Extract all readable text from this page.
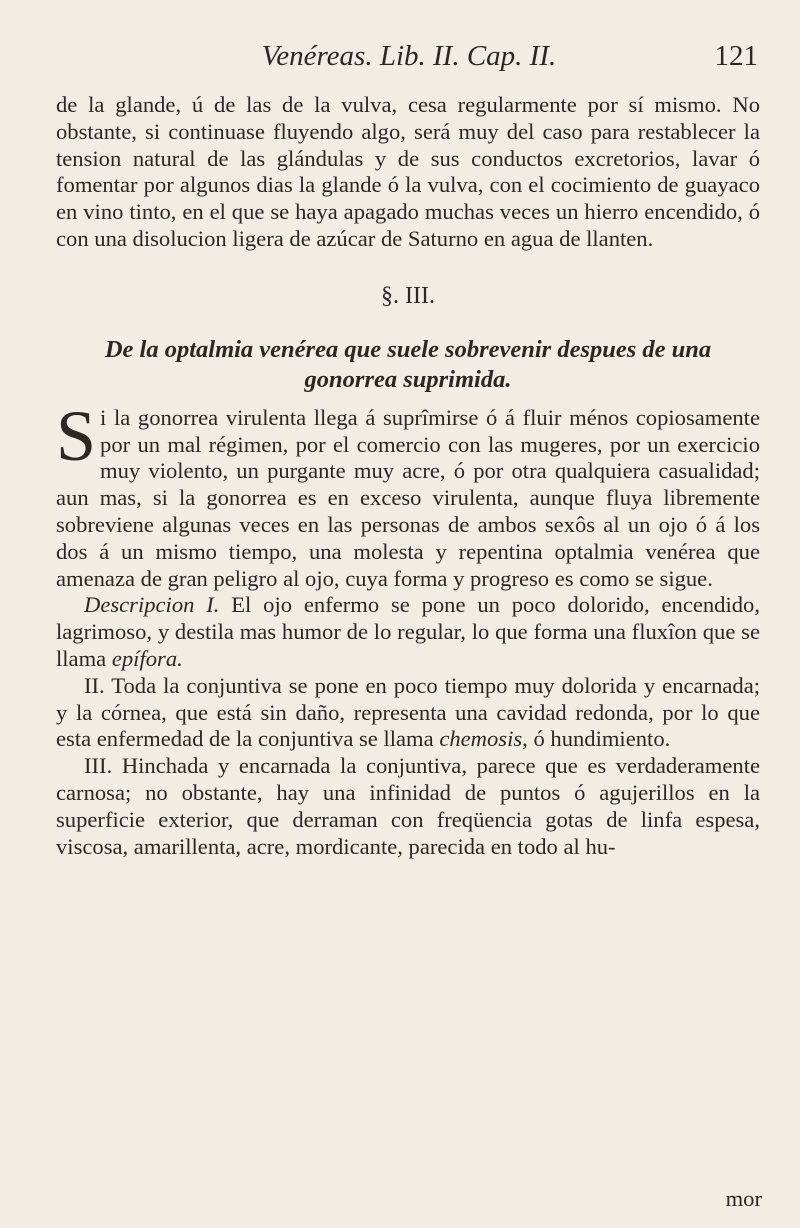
Venéreas. Lib. II. Cap. II.	121

de la glande, ú de las de la vulva, cesa regularmente por sí mismo. No obstante, si continuase fluyendo algo, será muy del caso para restablecer la tension natural de las glándulas y de sus conductos excretorios, lavar ó fomentar por algunos dias la glande ó la vulva, con el cocimiento de guayaco en vino tinto, en el que se haya apagado muchas veces un hierro encendido, ó con una disolucion ligera de azúcar de Saturno en agua de llanten.

§. III.

De la optalmia venérea que suele sobrevenir despues de una gonorrea suprimida.

Si la gonorrea virulenta llega á suprîmirse ó á fluir ménos copiosamente por un mal régimen, por el comercio con las mugeres, por un exercicio muy violento, un purgante muy acre, ó por otra qualquiera casualidad; aun mas, si la gonorrea es en exceso virulenta, aunque fluya libremente sobreviene algunas veces en las personas de ambos sexôs al un ojo ó á los dos á un mismo tiempo, una molesta y repentina optalmia venérea que amenaza de gran peligro al ojo, cuya forma y progreso es como se sigue.

Descripcion I. El ojo enfermo se pone un poco dolorido, encendido, lagrimoso, y destila mas humor de lo regular, lo que forma una fluxîon que se llama epífora.

II. Toda la conjuntiva se pone en poco tiempo muy dolorida y encarnada; y la córnea, que está sin daño, representa una cavidad redonda, por lo que esta enfermedad de la conjuntiva se llama chemosis, ó hundimiento.

III. Hinchada y encarnada la conjuntiva, parece que es verdaderamente carnosa; no obstante, hay una infinidad de puntos ó agujerillos en la superficie exterior, que derraman con freqüencia gotas de linfa espesa, viscosa, amarillenta, acre, mordicante, parecida en todo al hu-

mor
